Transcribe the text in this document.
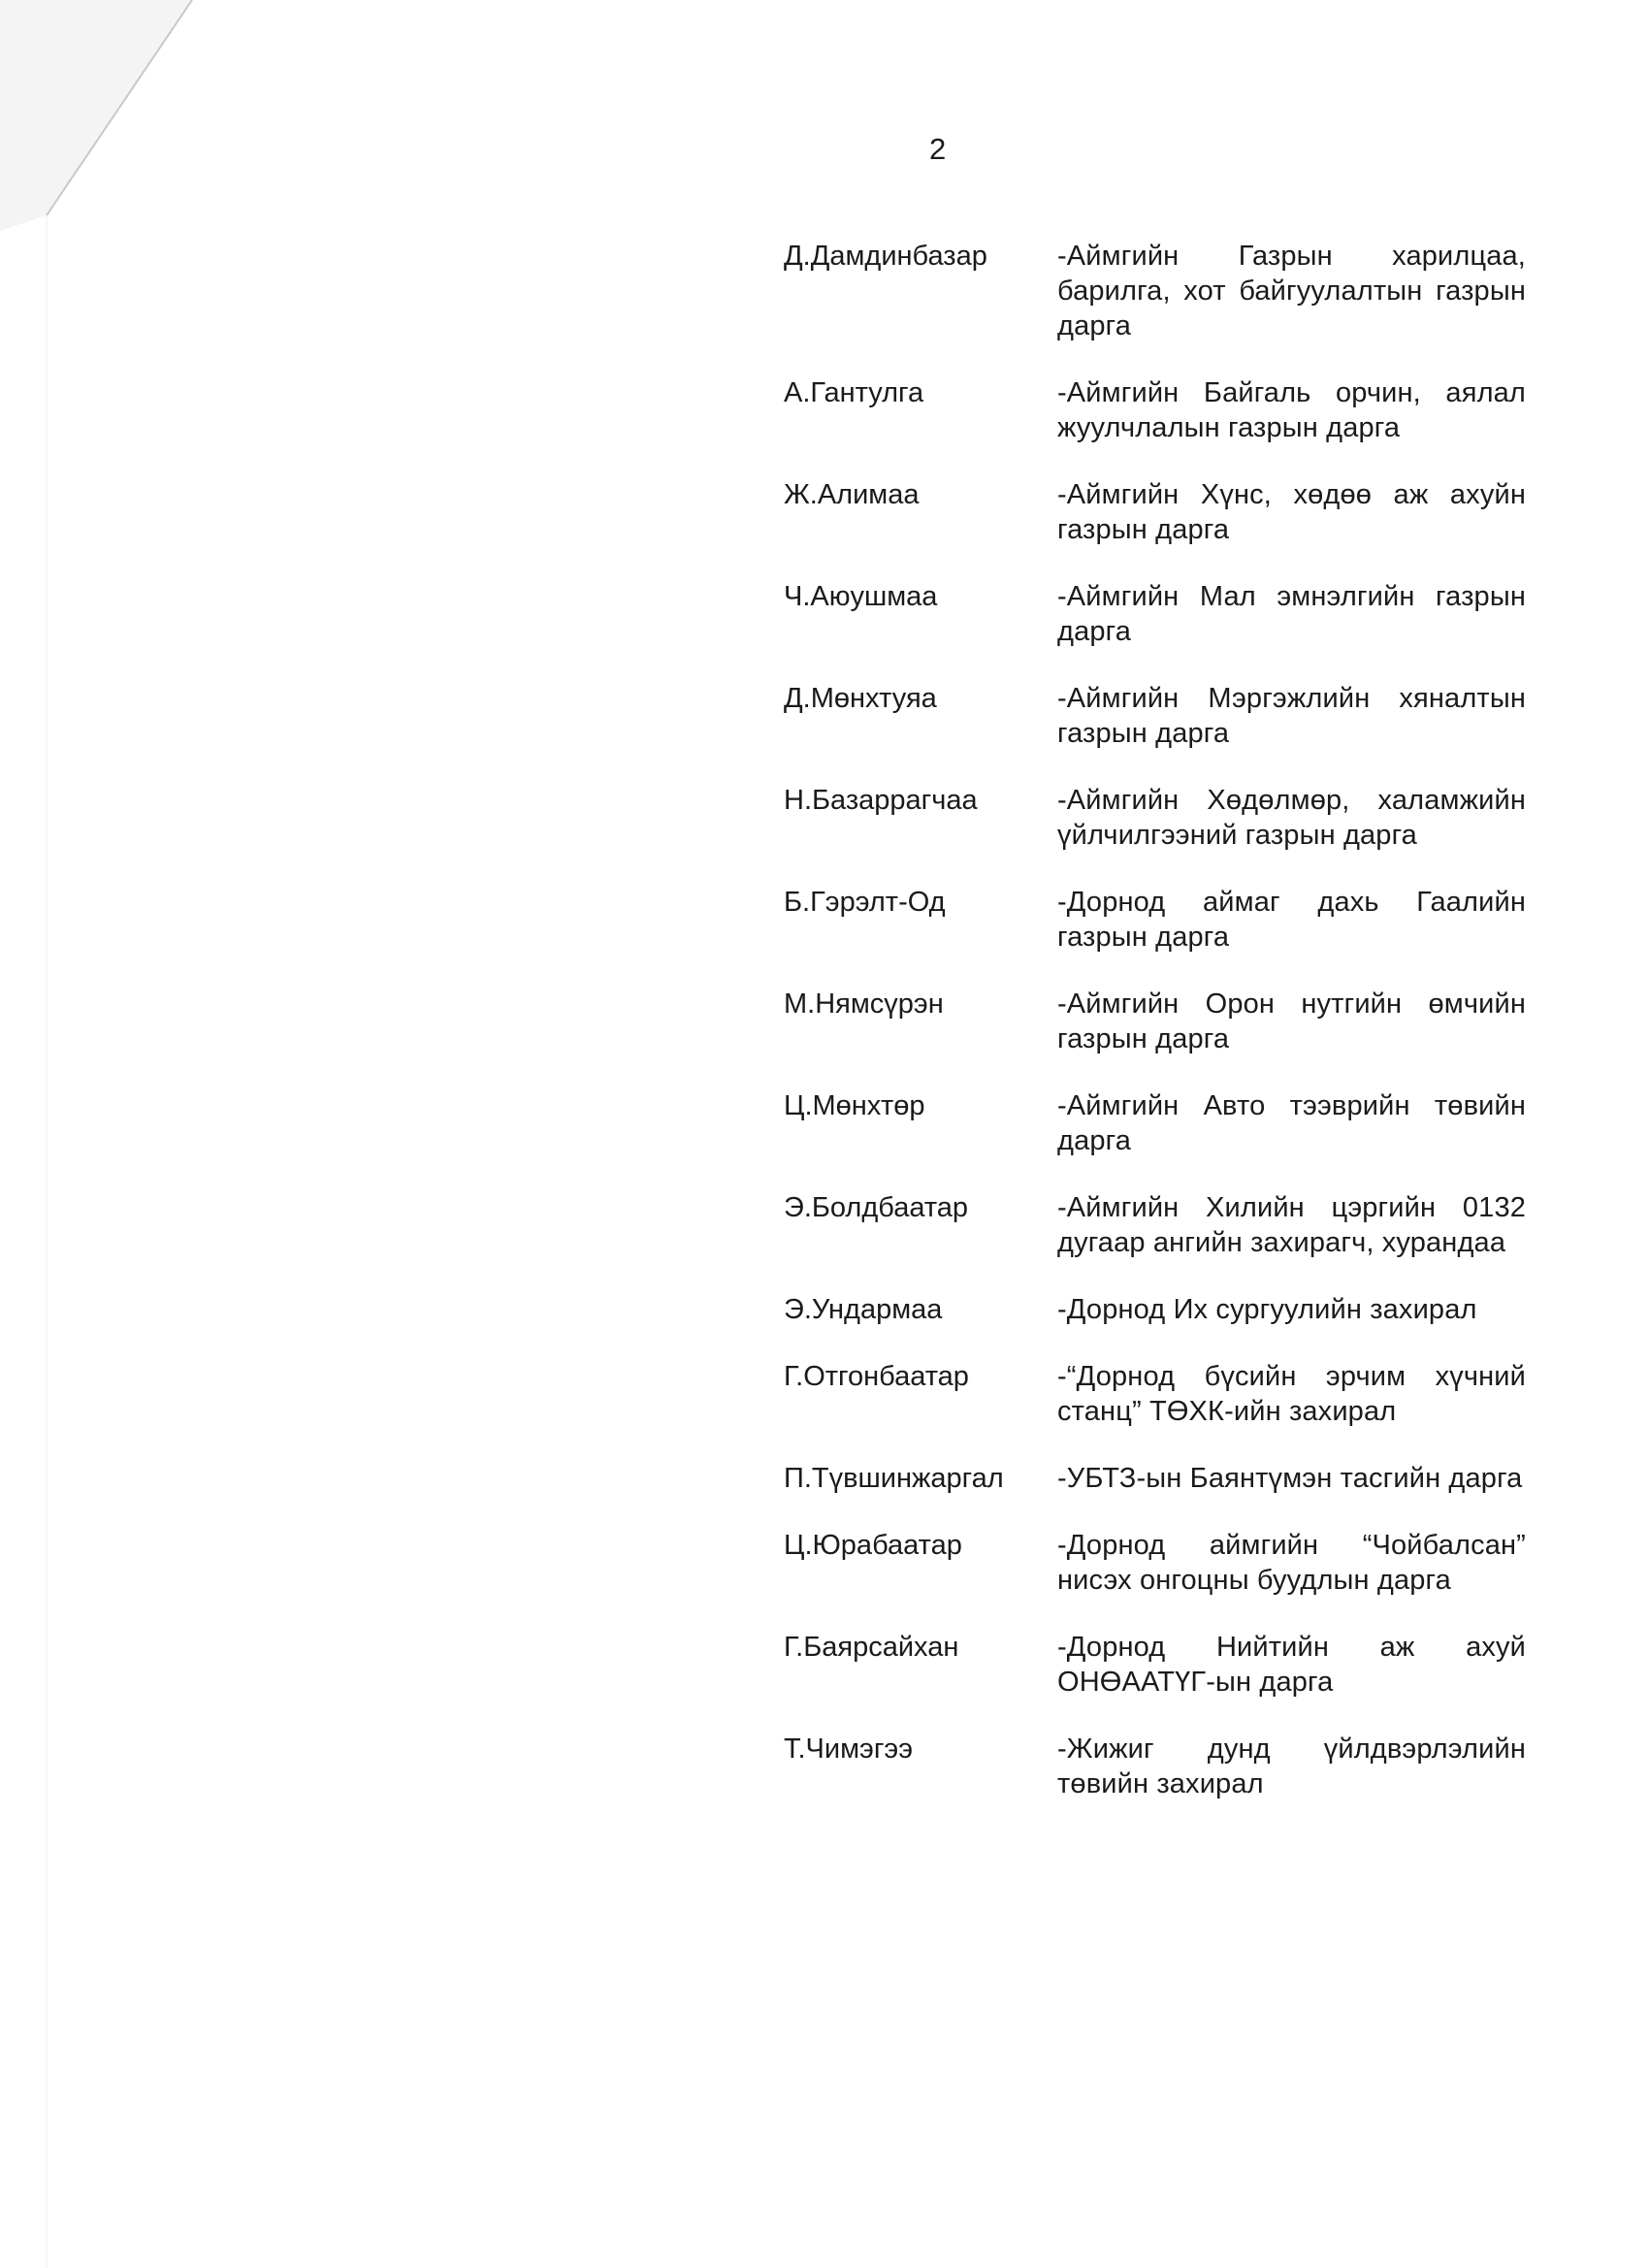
2
Д.Дамдинбазар	-Аймгийн Газрын харилцаа, барилга, хот байгуулалтын газрын дарга
А.Гантулга	-Аймгийн Байгаль орчин, аялал жуулчлалын газрын дарга
Ж.Алимаа	-Аймгийн Хүнс, хөдөө аж ахуйн газрын дарга
Ч.Аюушмаа	-Аймгийн Мал эмнэлгийн газрын дарга
Д.Мөнхтуяа	-Аймгийн Мэргэжлийн хяналтын газрын дарга
Н.Базаррагчаа	-Аймгийн Хөдөлмөр, халамжийн үйлчилгээний газрын дарга
Б.Гэрэлт-Од	-Дорнод аймаг дахь Гаалийн газрын дарга
М.Нямсүрэн	-Аймгийн Орон нутгийн өмчийн газрын дарга
Ц.Мөнхтөр	-Аймгийн Авто тээврийн төвийн дарга
Э.Болдбаатар	-Аймгийн Хилийн цэргийн 0132 дугаар ангийн захирагч, хурандаа
Э.Ундармаа	-Дорнод Их сургуулийн захирал
Г.Отгонбаатар	-“Дорнод бүсийн эрчим хүчний станц” ТӨХК-ийн захирал
П.Түвшинжаргал	-УБТЗ-ын Баянтүмэн тасгийн дарга
Ц.Юрабаатар	-Дорнод аймгийн “Чойбалсан” нисэх онгоцны буудлын дарга
Г.Баярсайхан	-Дорнод Нийтийн аж ахуй ОНӨААТҮГ-ын дарга
Т.Чимэгээ	-Жижиг дунд үйлдвэрлэлийн төвийн захирал
